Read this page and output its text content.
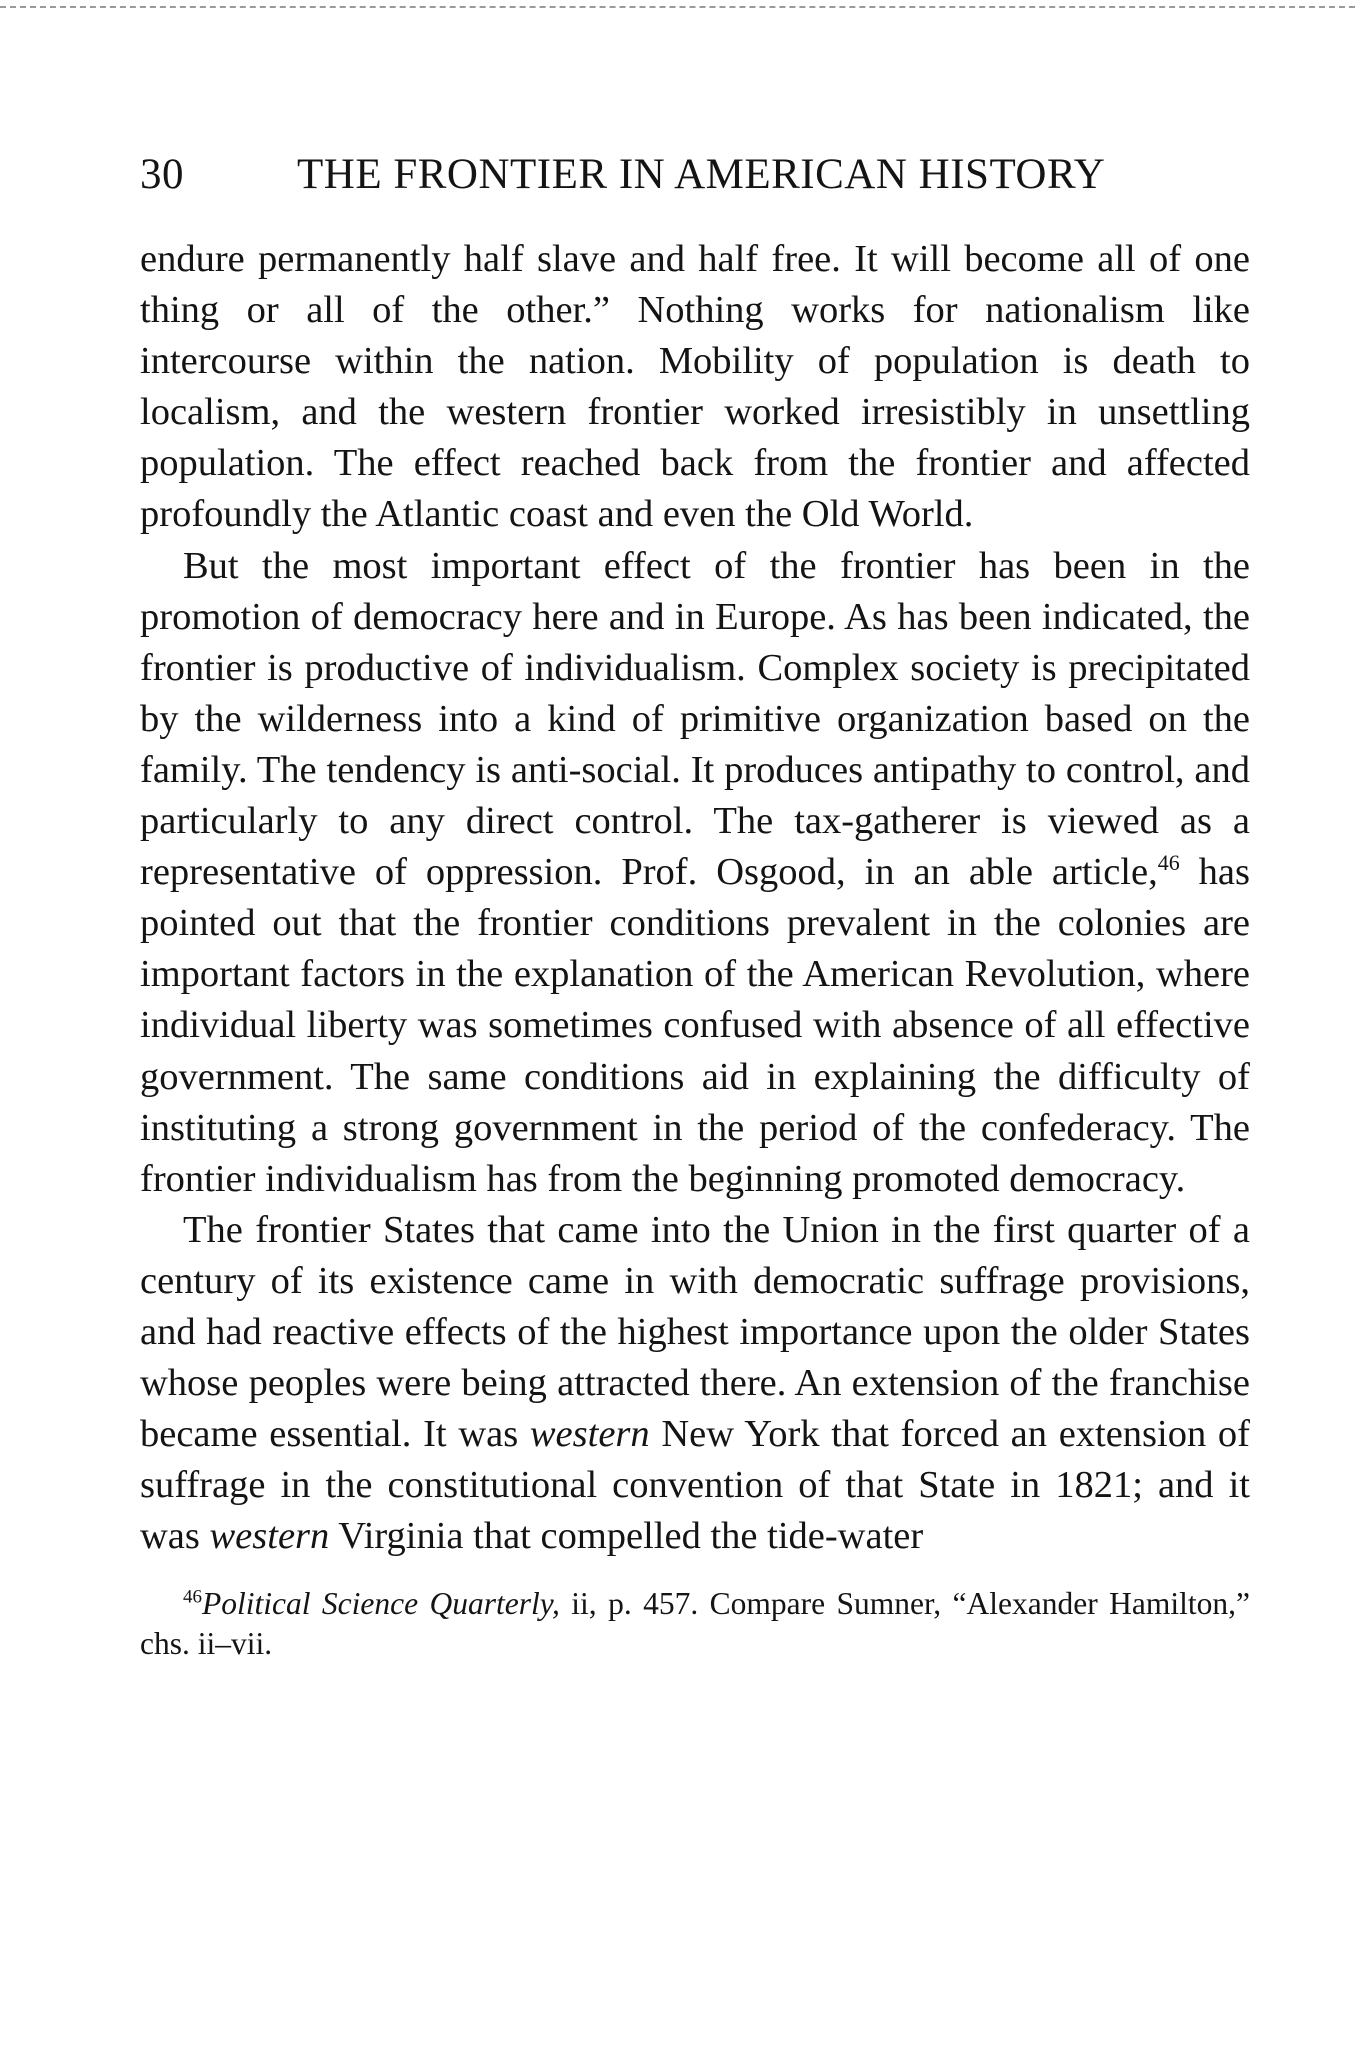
30	THE FRONTIER IN AMERICAN HISTORY

endure permanently half slave and half free. It will become all of one thing or all of the other.” Nothing works for nationalism like intercourse within the nation. Mobility of population is death to localism, and the western frontier worked irresistibly in unsettling population. The effect reached back from the frontier and affected profoundly the Atlantic coast and even the Old World.

But the most important effect of the frontier has been in the promotion of democracy here and in Europe. As has been indicated, the frontier is productive of individualism. Complex society is precipitated by the wilderness into a kind of primitive organization based on the family. The tendency is anti-social. It produces antipathy to control, and particularly to any direct control. The tax-gatherer is viewed as a representative of oppression. Prof. Osgood, in an able article,$^{46}$ has pointed out that the frontier conditions prevalent in the colonies are important factors in the explanation of the American Revolution, where individual liberty was sometimes confused with absence of all effective government. The same conditions aid in explaining the difficulty of instituting a strong government in the period of the confederacy. The frontier individualism has from the beginning promoted democracy.

The frontier States that came into the Union in the first quarter of a century of its existence came in with democratic suffrage provisions, and had reactive effects of the highest importance upon the older States whose peoples were being attracted there. An extension of the franchise became essential. It was western New York that forced an extension of suffrage in the constitutional convention of that State in 1821; and it was western Virginia that compelled the tide-water

$^{46}$Political Science Quarterly, ii, p. 457. Compare Sumner, “Alexander Hamilton,” chs. ii–vii.
